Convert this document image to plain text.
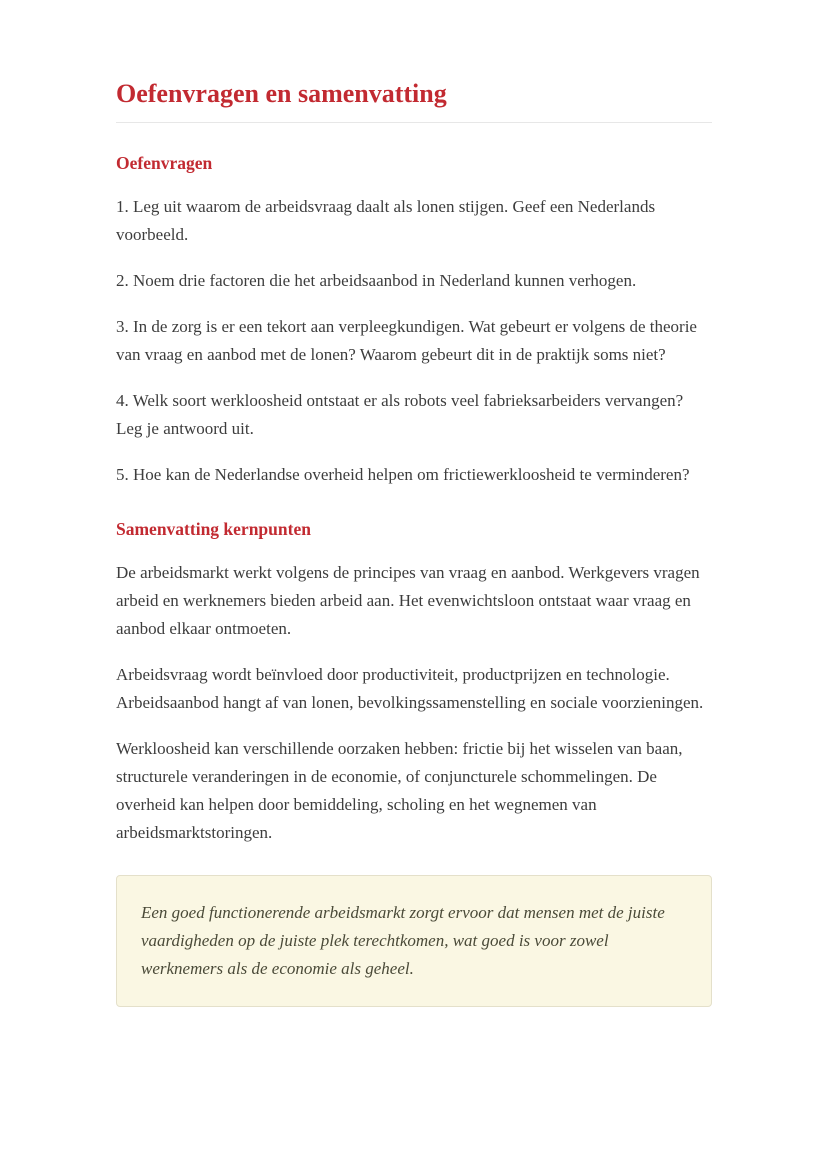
Oefenvragen en samenvatting
Oefenvragen

1. Leg uit waarom de arbeidsvraag daalt als lonen stijgen. Geef een Nederlands voorbeeld.

2. Noem drie factoren die het arbeidsaanbod in Nederland kunnen verhogen.

3. In de zorg is er een tekort aan verpleegkundigen. Wat gebeurt er volgens de theorie van vraag en aanbod met de lonen? Waarom gebeurt dit in de praktijk soms niet?

4. Welk soort werkloosheid ontstaat er als robots veel fabrieksarbeiders vervangen? Leg je antwoord uit.

5. Hoe kan de Nederlandse overheid helpen om frictiewerkloosheid te verminderen?

Samenvatting kernpunten

De arbeidsmarkt werkt volgens de principes van vraag en aanbod. Werkgevers vragen arbeid en werknemers bieden arbeid aan. Het evenwichtsloon ontstaat waar vraag en aanbod elkaar ontmoeten.

Arbeidsvraag wordt beïnvloed door productiviteit, productprijzen en technologie. Arbeidsaanbod hangt af van lonen, bevolkingssamenstelling en sociale voorzieningen.

Werkloosheid kan verschillende oorzaken hebben: frictie bij het wisselen van baan, structurele veranderingen in de economie, of conjuncturele schommelingen. De overheid kan helpen door bemiddeling, scholing en het wegnemen van arbeidsmarktstoringen.

Een goed functionerende arbeidsmarkt zorgt ervoor dat mensen met de juiste vaardigheden op de juiste plek terechtkomen, wat goed is voor zowel werknemers als de economie als geheel.
